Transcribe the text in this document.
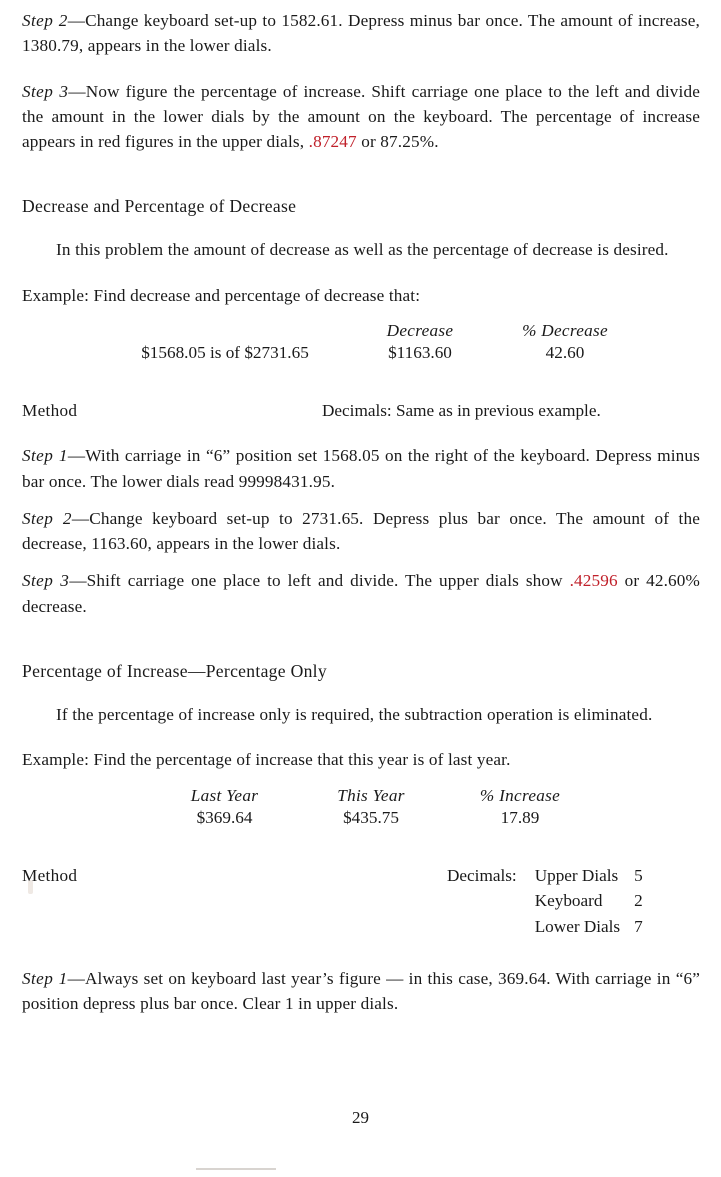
Step 2—Change keyboard set-up to 1582.61. Depress minus bar once. The amount of increase, 1380.79, appears in the lower dials.

Step 3—Now figure the percentage of increase. Shift carriage one place to the left and divide the amount in the lower dials by the amount on the keyboard. The percentage of increase appears in red figures in the upper dials, .87247 or 87.25%.

Decrease and Percentage of Decrease

In this problem the amount of decrease as well as the percentage of decrease is desired.

Example: Find decrease and percentage of decrease that:

	Decrease	% Decrease
$1568.05 is of $2731.65	$1163.60	42.60
Method	Decimals: Same as in previous example.

Step 1—With carriage in “6” position set 1568.05 on the right of the keyboard. Depress minus bar once. The lower dials read 99998431.95.

Step 2—Change keyboard set-up to 2731.65. Depress plus bar once. The amount of the decrease, 1163.60, appears in the lower dials.

Step 3—Shift carriage one place to left and divide. The upper dials show .42596 or 42.60% decrease.

Percentage of Increase—Percentage Only

If the percentage of increase only is required, the subtraction operation is eliminated.

Example: Find the percentage of increase that this year is of last year.

Last Year	This Year	% Increase
$369.64	$435.75	17.89
Method	Decimals:	Upper Dials	5
	Keyboard	2
	Lower Dials	7

Step 1—Always set on keyboard last year’s figure — in this case, 369.64. With carriage in “6” position depress plus bar once. Clear 1 in upper dials.

29
